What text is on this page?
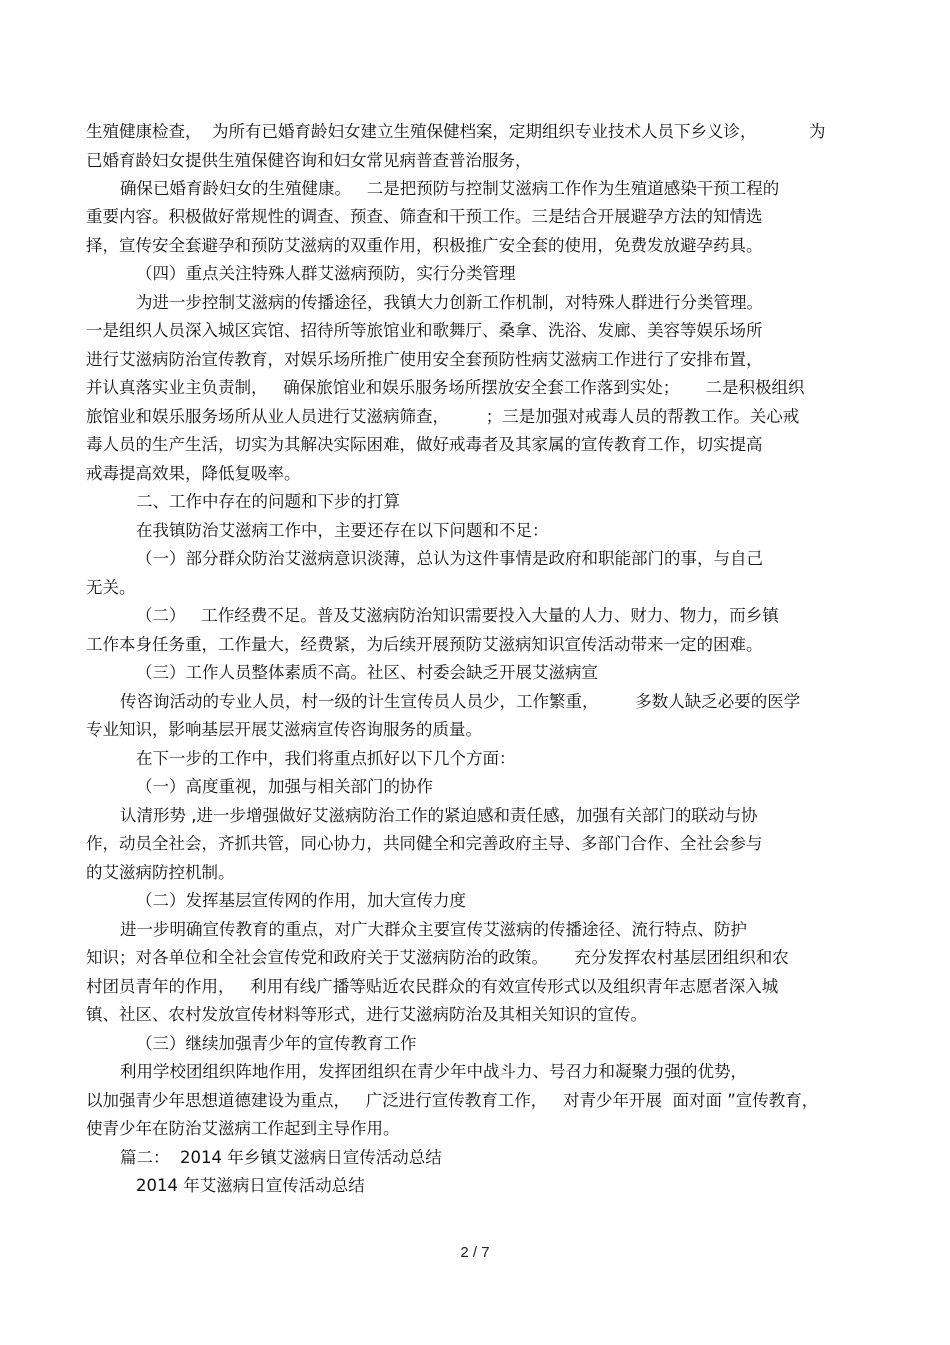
生殖健康检查，  为所有已婚育龄妇女建立生殖保健档案，定期组织专业技术人员下乡义诊，          为
已婚育龄妇女提供生殖保健咨询和妇女常见病普查普治服务，
确保已婚育龄妇女的生殖健康。   二是把预防与控制艾滋病工作作为生殖道感染干预工程的
重要内容。积极做好常规性的调查、预查、筛查和干预工作。三是结合开展避孕方法的知情选
择，宣传安全套避孕和预防艾滋病的双重作用，积极推广安全套的使用，免费发放避孕药具。
（四）重点关注特殊人群艾滋病预防，实行分类管理
为进一步控制艾滋病的传播途径，我镇大力创新工作机制，对特殊人群进行分类管理。
一是组织人员深入城区宾馆、招待所等旅馆业和歌舞厅、桑拿、洗浴、发廊、美容等娱乐场所
进行艾滋病防治宣传教育，对娱乐场所推广使用安全套预防性病艾滋病工作进行了安排布置，
并认真落实业主负责制，   确保旅馆业和娱乐服务场所摆放安全套工作落到实处；     二是积极组织
旅馆业和娱乐服务场所从业人员进行艾滋病筛查，       ；三是加强对戒毒人员的帮教工作。关心戒
毒人员的生产生活，切实为其解决实际困难，做好戒毒者及其家属的宣传教育工作，切实提高
戒毒提高效果，降低复吸率。
二、工作中存在的问题和下步的打算
在我镇防治艾滋病工作中，主要还存在以下问题和不足：
（一）部分群众防治艾滋病意识淡薄，总认为这件事情是政府和职能部门的事，与自己
无关。
（二）   工作经费不足。普及艾滋病防治知识需要投入大量的人力、财力、物力，而乡镇
工作本身任务重，工作量大，经费紧，为后续开展预防艾滋病知识宣传活动带来一定的困难。
（三）工作人员整体素质不高。社区、村委会缺乏开展艾滋病宣
传咨询活动的专业人员，村一级的计生宣传员人员少，工作繁重，       多数人缺乏必要的医学
专业知识，影响基层开展艾滋病宣传咨询服务的质量。
在下一步的工作中，我们将重点抓好以下几个方面：
（一）高度重视，加强与相关部门的协作
认清形势 ,进一步增强做好艾滋病防治工作的紧迫感和责任感，加强有关部门的联动与协
作，动员全社会，齐抓共管，同心协力，共同健全和完善政府主导、多部门合作、全社会参与
的艾滋病防控机制。
（二）发挥基层宣传网的作用，加大宣传力度
进一步明确宣传教育的重点，对广大群众主要宣传艾滋病的传播途径、流行特点、防护
知识；对各单位和全社会宣传党和政府关于艾滋病防治的政策。     充分发挥农村基层团组织和农
村团员青年的作用，   利用有线广播等贴近农民群众的有效宣传形式以及组织青年志愿者深入城
镇、社区、农村发放宣传材料等形式，进行艾滋病防治及其相关知识的宣传。
（三）继续加强青少年的宣传教育工作
利用学校团组织阵地作用，发挥团组织在青少年中战斗力、号召力和凝聚力强的优势，
以加强青少年思想道德建设为重点，   广泛进行宣传教育工作，   对青少年开展  面对面 ”宣传教育，
使青少年在防治艾滋病工作起到主导作用。
篇二：  2014 年乡镇艾滋病日宣传活动总结
2014 年艾滋病日宣传活动总结
2 / 7
